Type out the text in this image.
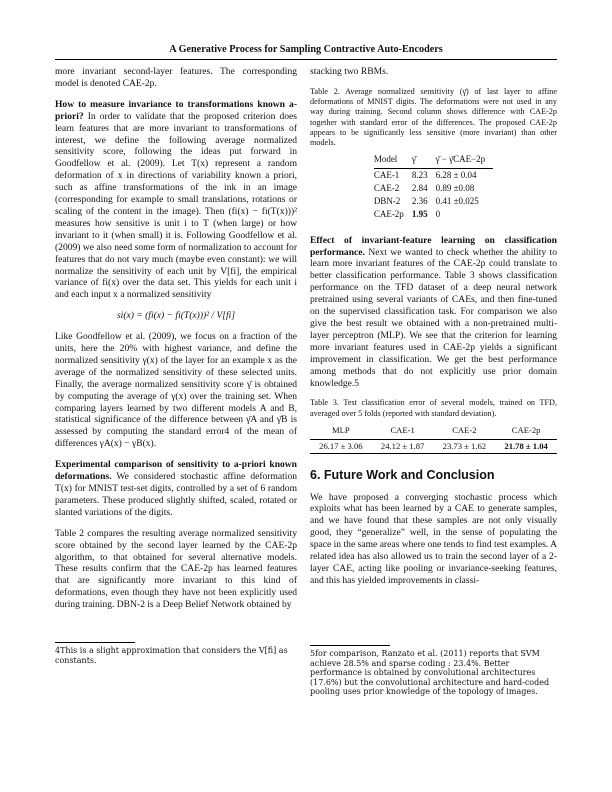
A Generative Process for Sampling Contractive Auto-Encoders

more invariant second-layer features. The corresponding model is denoted CAE-2p.

How to measure invariance to transformations known a-priori? In order to validate that the proposed criterion does learn features that are more invariant to transformations of interest, we define the following average normalized sensitivity score, following the ideas put forward in Goodfellow et al. (2009). Let T(x) represent a random deformation of x in directions of variability known a priori, such as affine transformations of the ink in an image (corresponding for example to small translations, rotations or scaling of the content in the image). Then (fi(x) − fi(T(x)))² measures how sensitive is unit i to T (when large) or how invariant to it (when small) it is. Following Goodfellow et al. (2009) we also need some form of normalization to account for features that do not vary much (maybe even constant): we will normalize the sensitivity of each unit by V[fi], the empirical variance of fi(x) over the data set. This yields for each unit i and each input x a normalized sensitivity

si(x) = (fi(x) − fi(T(x)))² / V[fi]

Like Goodfellow et al. (2009), we focus on a fraction of the units, here the 20% with highest variance, and define the normalized sensitivity γ(x) of the layer for an example x as the average of the normalized sensitivity of these selected units. Finally, the average normalized sensitivity score γ̄ is obtained by computing the average of γ(x) over the training set. When comparing layers learned by two different models A and B, statistical significance of the difference between γ̄A and γ̄B is assessed by computing the standard error4 of the mean of differences γA(x) − γB(x).

Experimental comparison of sensitivity to a-priori known deformations. We considered stochastic affine deformation T(x) for MNIST test-set digits, controlled by a set of 6 random parameters. These produced slightly shifted, scaled, rotated or slanted variations of the digits.

Table 2 compares the resulting average normalized sensitivity score obtained by the second layer learned by the CAE-2p algorithm, to that obtained for several alternative models. These results confirm that the CAE-2p has learned features that are significantly more invariant to this kind of deformations, even though they have not been explicitly used during training. DBN-2 is a Deep Belief Network obtained by

4This is a slight approximation that considers the V[fi] as constants.

stacking two RBMs.

Table 2. Average normalized sensitivity (γ̄) of last layer to affine deformations of MNIST digits. The deformations were not used in any way during training. Second column shows difference with CAE-2p together with standard error of the differences. The proposed CAE-2p appears to be significantly less sensitive (more invariant) than other models.

Model	γ̄	γ̄ − γ̄CAE−2p
CAE-1	8.23	6.28 ± 0.04
CAE-2	2.84	0.89 ±0.08
DBN-2	2.36	0.41 ±0.025
CAE-2p	1.95	0

Effect of invariant-feature learning on classification performance. Next we wanted to check whether the ability to learn more invariant features of the CAE-2p could translate to better classification performance. Table 3 shows classification performance on the TFD dataset of a deep neural network pretrained using several variants of CAEs, and then fine-tuned on the supervised classification task. For comparison we also give the best result we obtained with a non-pretrained multi-layer perceptron (MLP). We see that the criterion for learning more invariant features used in CAE-2p yields a significant improvement in classification. We get the best performance among methods that do not explicitly use prior domain knowledge.5

Table 3. Test classification error of several models, trained on TFD, averaged over 5 folds (reported with standard deviation).

MLP	CAE-1	CAE-2	CAE-2p
26.17 ± 3.06	24.12 ± 1.87	23.73 ± 1.62	21.78 ± 1.04
6. Future Work and Conclusion

We have proposed a converging stochastic process which exploits what has been learned by a CAE to generate samples, and we have found that these samples are not only visually good, they “generalize” well, in the sense of populating the space in the same areas where one tends to find test examples. A related idea has also allowed us to train the second layer of a 2-layer CAE, acting like pooling or invariance-seeking features, and this has yielded improvements in classi-

5for comparison, Ranzato et al. (2011) reports that SVM achieve 28.5% and sparse coding : 23.4%. Better performance is obtained by convolutional architectures (17.6%) but the convolutional architecture and hard-coded pooling uses prior knowledge of the topology of images.
